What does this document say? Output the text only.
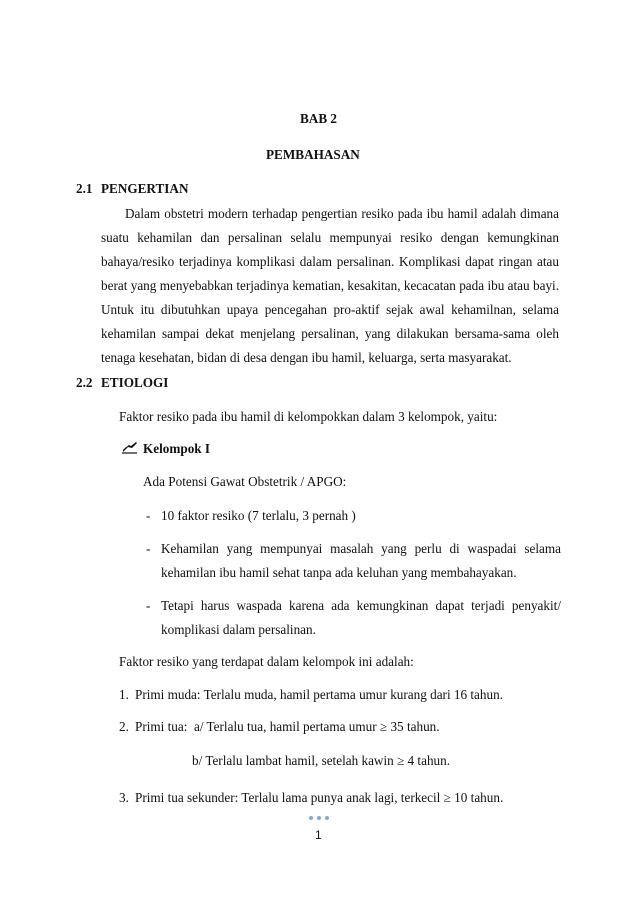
BAB 2
PEMBAHASAN
2.1 PENGERTIAN
Dalam obstetri modern terhadap pengertian resiko pada ibu hamil adalah dimana
suatu kehamilan dan persalinan selalu mempunyai resiko dengan kemungkinan
bahaya/resiko terjadinya komplikasi dalam persalinan. Komplikasi dapat ringan atau
berat yang menyebabkan terjadinya kematian, kesakitan, kecacatan pada ibu atau bayi.
Untuk itu dibutuhkan upaya pencegahan pro-aktif sejak awal kehamilnan, selama
kehamilan sampai dekat menjelang persalinan, yang dilakukan bersama-sama oleh
tenaga kesehatan, bidan di desa dengan ibu hamil, keluarga, serta masyarakat.
2.2 ETIOLOGI
Faktor resiko pada ibu hamil di kelompokkan dalam 3 kelompok, yaitu:
Kelompok I
Ada Potensi Gawat Obstetrik / APGO:
- 10 faktor resiko (7 terlalu, 3 pernah )
- Kehamilan yang mempunyai masalah yang perlu di waspadai selama
kehamilan ibu hamil sehat tanpa ada keluhan yang membahayakan.
- Tetapi harus waspada karena ada kemungkinan dapat terjadi penyakit/
komplikasi dalam persalinan.
Faktor resiko yang terdapat dalam kelompok ini adalah:
1. Primi muda: Terlalu muda, hamil pertama umur kurang dari 16 tahun.
2. Primi tua:  a/ Terlalu tua, hamil pertama umur ≥ 35 tahun.
b/ Terlalu lambat hamil, setelah kawin ≥ 4 tahun.
3. Primi tua sekunder: Terlalu lama punya anak lagi, terkecil ≥ 10 tahun.
1
